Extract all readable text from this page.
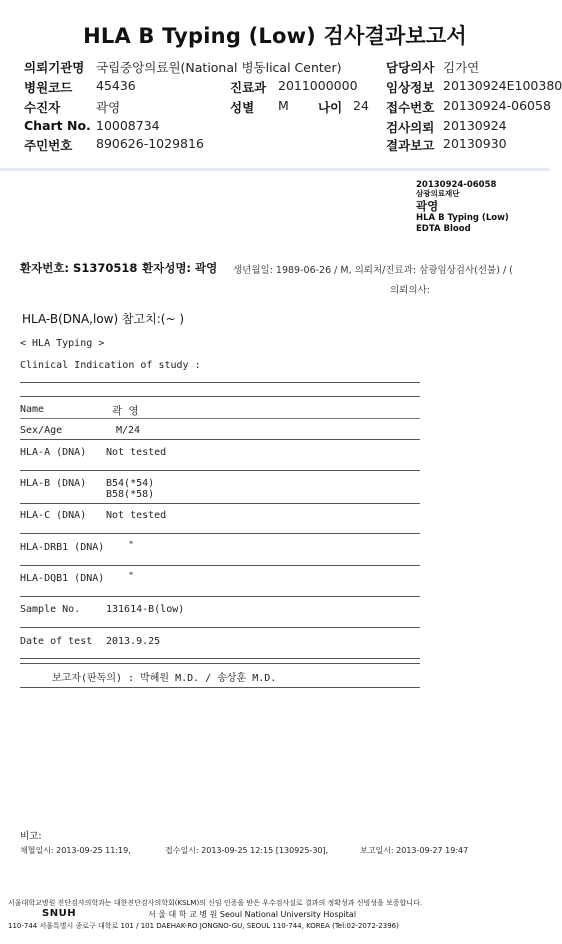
HLA B Typing (Low) 검사결과보고서
의뢰기관명 국립중앙의료원(National 병동lical Center)	담당의사 김가연
병원코드 45436	진료과 2011000000 임상정보 20130924E100380
수진자	곽영	성별 M 나이 24 접수번호 20130924-06058
Chart No. 10008734	검사의뢰 20130924
주민번호 890626-1029816	결과보고 20130930
20130924-06058
삼광의료재단
곽영
HLA B Typing (Low)
EDTA Blood
환자번호: S1370518 환자성명: 곽영 생년월일: 1989-06-26 / M, 의뢰처/진료과: 삼광임상검사(선불) / (
의뢰의사:
HLA-B(DNA,low) 참고치:(~ )
< HLA Typing >
Clinical Indication of study :
Name	곽 영
Sex/Age	M/24
HLA-A (DNA) Not tested
HLA-B (DNA) B54(*54)
B58(*58)
HLA-C (DNA) Not tested
HLA-DRB1 (DNA) "
HLA-DQB1 (DNA) "
Sample No.	131614-B(low)
Date of test 2013.9.25
보고자(판독의) : 박혜원 M.D. / 송상훈 M.D.
비고:
채혈일시: 2013-09-25 11:19,	접수일시: 2013-09-25 12:15 [130925-30],	보고일시: 2013-09-27 19:47
서울대학교병원 진단검사의학과는 대한진단검사의학회(KSLM)의 신임 인증을 받은 우수검사실로 결과의 정확성과 신빙성을 보증합니다.
SNUH	서 울 대 학 교 병 원 Seoul National University Hospital
110-744 서울특별시 종로구 대학로 101 / 101 DAEHAK-RO JONGNO-GU, SEOUL 110-744, KOREA (Tel:02-2072-2396)
